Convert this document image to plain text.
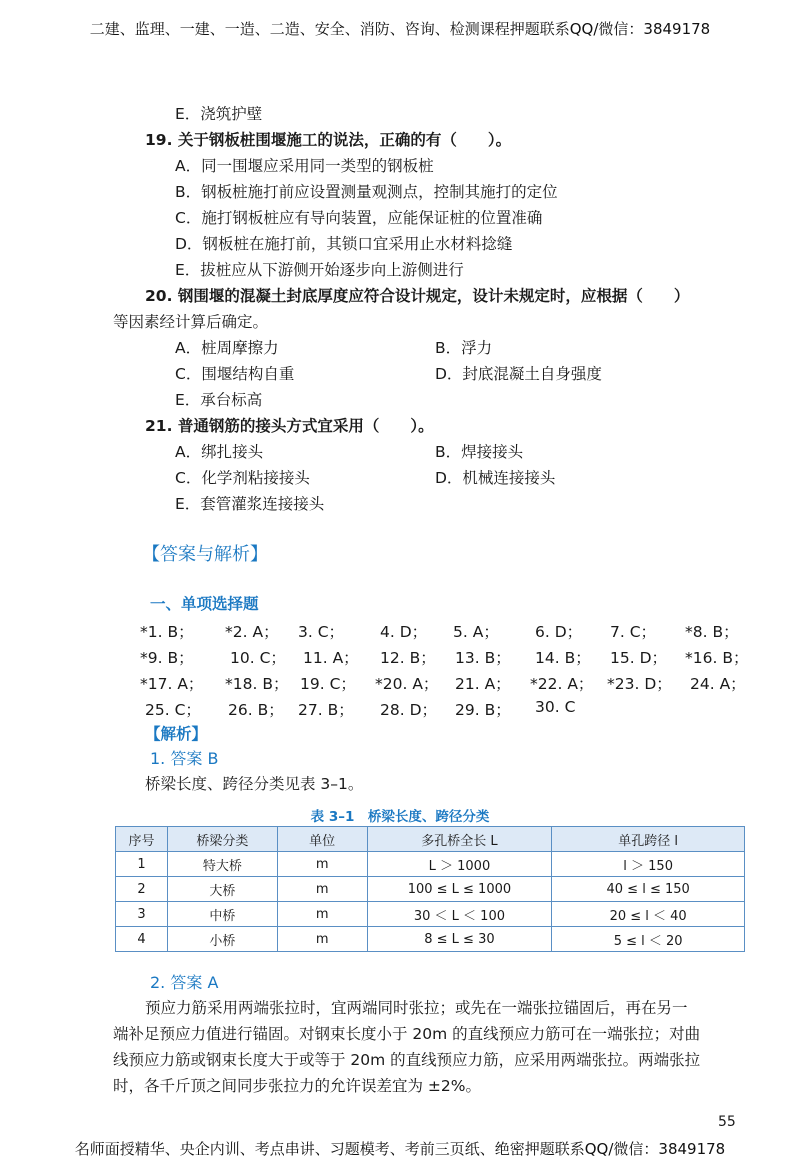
二建、监理、一建、一造、二造、安全、消防、咨询、检测课程押题联系QQ/微信：3849178
E．浇筑护壁
19. 关于钢板桩围堰施工的说法，正确的有（　　）。
A．同一围堰应采用同一类型的钢板桩
B．钢板桩施打前应设置测量观测点，控制其施打的定位
C．施打钢板桩应有导向装置，应能保证桩的位置准确
D．钢板桩在施打前，其锁口宜采用止水材料捻缝
E．拔桩应从下游侧开始逐步向上游侧进行
20. 钢围堰的混凝土封底厚度应符合设计规定，设计未规定时，应根据（　　）
等因素经计算后确定。
A．桩周摩擦力	B．浮力
C．围堰结构自重	D．封底混凝土自身强度
E．承台标高
21. 普通钢筋的接头方式宜采用（　　）。
A．绑扎接头	B．焊接接头
C．化学剂粘接接头	D．机械连接接头
E．套管灌浆连接接头
【答案与解析】
一、单项选择题
*1. B； *2. A； 3. C； 4. D； 5. A； 6. D； 7. C； *8. B；
*9. B； 10. C； 11. A； 12. B； 13. B； 14. B； 15. D； *16. B；
*17. A； *18. B； 19. C； *20. A； 21. A； *22. A； *23. D； 24. A；
25. C； 26. B； 27. B； 28. D； 29. B； 30. C
【解析】
1. 答案 B
桥梁长度、跨径分类见表 3–1。
表 3–1　桥梁长度、跨径分类
序号	桥梁分类	单位	多孔桥全长 L	单孔跨径 l
1	特大桥	m	L ＞ 1000	l ＞ 150
2	大桥	m	100 ≤ L ≤ 1000	40 ≤ l ≤ 150
3	中桥	m	30 ＜ L ＜ 100	20 ≤ l ＜ 40
4	小桥	m	8 ≤ L ≤ 30	5 ≤ l ＜ 20
2. 答案 A
预应力筋采用两端张拉时，宜两端同时张拉；或先在一端张拉锚固后，再在另一
端补足预应力值进行锚固。对钢束长度小于 20m 的直线预应力筋可在一端张拉；对曲
线预应力筋或钢束长度大于或等于 20m 的直线预应力筋，应采用两端张拉。两端张拉
时，各千斤顶之间同步张拉力的允许误差宜为 ±2%。
55
名师面授精华、央企内训、考点串讲、习题模考、考前三页纸、绝密押题联系QQ/微信：3849178
